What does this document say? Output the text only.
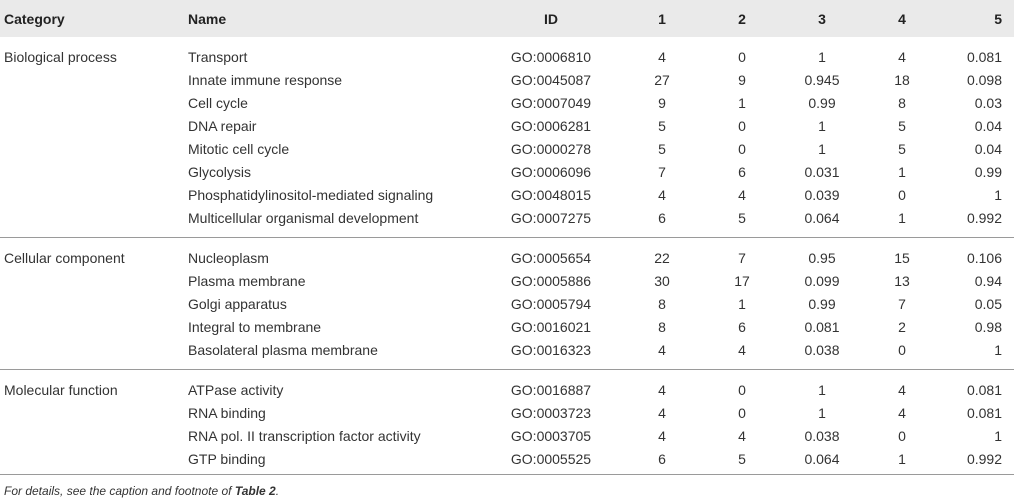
Category	Name	ID	1	2	3	4	5
Biological process	Transport	GO:0006810	4	0	1	4	0.081
	Innate immune response	GO:0045087	27	9	0.945	18	0.098
	Cell cycle	GO:0007049	9	1	0.99	8	0.03
	DNA repair	GO:0006281	5	0	1	5	0.04
	Mitotic cell cycle	GO:0000278	5	0	1	5	0.04
	Glycolysis	GO:0006096	7	6	0.031	1	0.99
	Phosphatidylinositol-mediated signaling	GO:0048015	4	4	0.039	0	1
	Multicellular organismal development	GO:0007275	6	5	0.064	1	0.992

Cellular component	Nucleoplasm	GO:0005654	22	7	0.95	15	0.106
	Plasma membrane	GO:0005886	30	17	0.099	13	0.94
	Golgi apparatus	GO:0005794	8	1	0.99	7	0.05
	Integral to membrane	GO:0016021	8	6	0.081	2	0.98
	Basolateral plasma membrane	GO:0016323	4	4	0.038	0	1

Molecular function	ATPase activity	GO:0016887	4	0	1	4	0.081
	RNA binding	GO:0003723	4	0	1	4	0.081
	RNA pol. II transcription factor activity	GO:0003705	4	4	0.038	0	1
	GTP binding	GO:0005525	6	5	0.064	1	0.992
For details, see the caption and footnote of Table 2.
